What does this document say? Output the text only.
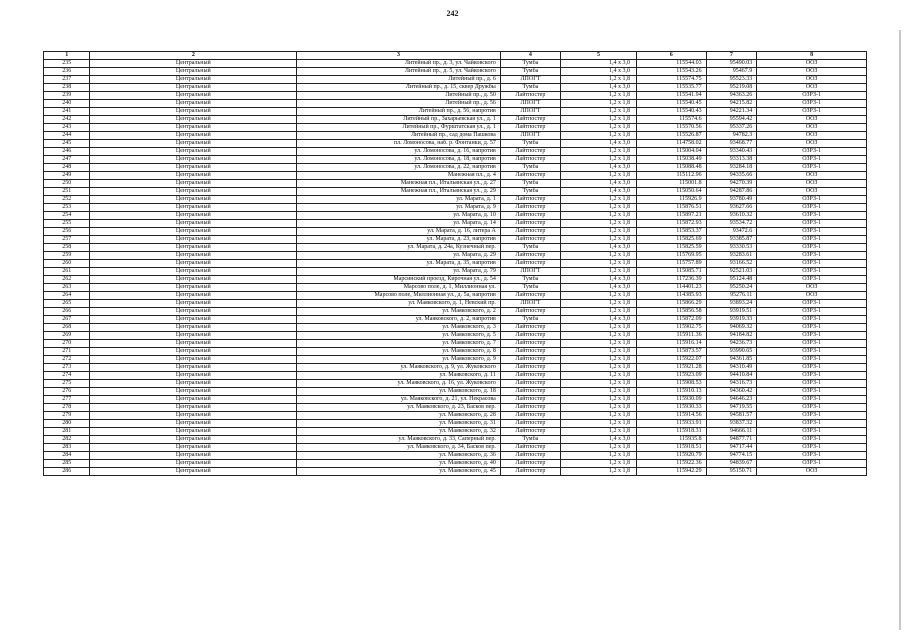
242
1	2	3	4	5	6	7	8
235	Центральный	Литейный пр., д. 3, ул. Чайковского	Тумба	1,4 x 3,0	115544.03	95490.03	ООЗ
236	Центральный	Литейный пр., д. 5, ул. Чайковского	Тумба	1,4 x 3,0	115543.26	95467.9	ООЗ
237	Центральный	Литейный пр., д. 6	ЛПОГТ	1,2 x 1,8	115574.75	95523.33	ООЗ
238	Центральный	Литейный пр., д. 15, сквер Дружбы	Тумба	1,4 x 3,0	115535.77	95219.08	ООЗ
239	Центральный	Литейный пр., д. 50	Лайтпостер	1,2 x 1,8	115541.94	94363.26	ОЗРЗ-1
240	Центральный	Литейный пр., д. 56	ЛПОГТ	1,2 x 1,8	115540.45	94215.82	ОЗРЗ-1
241	Центральный	Литейный пр., д. 56, напротив	ЛПОГТ	1,2 x 1,8	115540.43	94221.34	ОЗРЗ-1
242	Центральный	Литейный пр., Захарьевская ул., д. 1	Лайтпостер	1,2 x 1,8	115574.6	95594.42	ООЗ
243	Центральный	Литейный пр., Фурштатская ул., д. 1	Лайтпостер	1,2 x 1,8	115570.56	95337.26	ООЗ
244	Центральный	Литейный пр., сад дома Пашкова	ЛПОГТ	1,2 x 1,8	115526.87	94782.3	ООЗ
245	Центральный	пл. Ломоносова, наб. р. Фонтанки, д. 57	Тумба	1,4 x 3,0	114758.02	93468.77	ООЗ
246	Центральный	ул. Ломоносова, д. 16, напротив	Лайтпостер	1,2 x 1,8	115004.04	93340.43	ОЗРЗ-1
247	Центральный	ул. Ломоносова, д. 18, напротив	Лайтпостер	1,2 x 1,8	115038.49	93313.38	ОЗРЗ-1
248	Центральный	ул. Ломоносова, д. 22, напротив	Тумба	1,4 x 3,0	115088.48	93284.18	ОЗРЗ-1
249	Центральный	Манежная пл., д. 4	Лайтпостер	1,2 x 1,8	115112.96	94335.66	ООЗ
250	Центральный	Манежная пл., Итальянская ул., д. 27	Тумба	1,4 x 3,0	115001.8	94270.39	ООЗ
251	Центральный	Манежная пл., Итальянская ул., д. 29	Тумба	1,4 x 3,0	115050.64	94287.86	ООЗ
252	Центральный	ул. Марата, д. 1	Лайтпостер	1,2 x 1,8	115926.9	93780.49	ОЗРЗ-1
253	Центральный	ул. Марата, д. 9	Лайтпостер	1,2 x 1,8	115876.51	93627.66	ОЗРЗ-1
254	Центральный	ул. Марата, д. 10	Лайтпостер	1,2 x 1,8	115897.21	93610.32	ОЗРЗ-1
255	Центральный	ул. Марата, д. 14	Лайтпостер	1,2 x 1,8	115872.93	93534.72	ОЗРЗ-1
256	Центральный	ул. Марата, д. 16, литера А	Лайтпостер	1,2 x 1,8	115853.37	93472.6	ОЗРЗ-1
257	Центральный	ул. Марата, д. 23, напротив	Лайтпостер	1,2 x 1,8	115825.69	93385.87	ОЗРЗ-1
258	Центральный	ул. Марата, д. 24а, Кузнечный пер.	Тумба	1,4 x 3,0	115825.59	93330.53	ОЗРЗ-1
259	Центральный	ул. Марата, д. 29	Лайтпостер	1,2 x 1,8	115769.95	93283.61	ОЗРЗ-1
260	Центральный	ул. Марата, д. 35, напротив	Лайтпостер	1,2 x 1,8	115757.89	93166.52	ОЗРЗ-1
261	Центральный	ул. Марата, д. 79	ЛПОГТ	1,2 x 1,8	115085.71	92521.03	ОЗРЗ-1
262	Центральный	Марсинский проезд, Кирочная ул., д. 54	Тумба	1,4 x 3,0	117236.39	95124.48	ОЗРЗ-1
263	Центральный	Марсово поле, д. 1, Миллионная ул.	Тумба	1,4 x 3,0	114401.23	95250.24	ООЗ
264	Центральный	Марсово поле, Миллионная ул., д. 5а, напротив	Лайтпостер	1,2 x 1,8	114385.93	95276.11	ООЗ
265	Центральный	ул. Маяковского, д. 1, Невский пр.	ЛПОГТ	1,2 x 1,8	115866.29	93893.24	ОЗРЗ-1
266	Центральный	ул. Маяковского, д. 2	Лайтпостер	1,2 x 1,8	115856.58	93919.51	ОЗРЗ-1
267	Центральный	ул. Маяковского, д. 2, напротив	Тумба	1,4 x 3,0	115872.09	93919.33	ОЗРЗ-1
268	Центральный	ул. Маяковского, д. 3	Лайтпостер	1,2 x 1,8	115902.75	94069.32	ОЗРЗ-1
269	Центральный	ул. Маяковского, д. 5	Лайтпостер	1,2 x 1,8	115911.36	94184.82	ОЗРЗ-1
270	Центральный	ул. Маяковского, д. 7	Лайтпостер	1,2 x 1,8	115916.14	94236.73	ОЗРЗ-1
271	Центральный	ул. Маяковского, д. 8	Лайтпостер	1,2 x 1,8	115873.57	93990.65	ОЗРЗ-1
272	Центральный	ул. Маяковского, д. 9	Лайтпостер	1,2 x 1,8	115922.07	94361.85	ОЗРЗ-1
273	Центральный	ул. Маяковского, д. 9, ул. Жуковского	Лайтпостер	1,2 x 1,8	115921.28	94310.49	ОЗРЗ-1
274	Центральный	ул. Маяковского, д. 11	Лайтпостер	1,2 x 1,8	115923.09	94410.84	ОЗРЗ-1
275	Центральный	ул. Маяковского, д. 16, ул. Жуковского	Лайтпостер	1,2 x 1,8	115908.53	94316.73	ОЗРЗ-1
276	Центральный	ул. Маяковского, д. 18	Лайтпостер	1,2 x 1,8	115910.13	94360.42	ОЗРЗ-1
277	Центральный	ул. Маяковского, д. 21, ул. Некрасова	Лайтпостер	1,2 x 1,8	115930.09	94646.23	ОЗРЗ-1
278	Центральный	ул. Маяковского, д. 23, Басков пер.	Лайтпостер	1,2 x 1,8	115930.33	94719.55	ОЗРЗ-1
279	Центральный	ул. Маяковского, д. 28	Лайтпостер	1,2 x 1,8	115914.56	94581.57	ОЗРЗ-1
280	Центральный	ул. Маяковского, д. 31	Лайтпостер	1,2 x 1,8	115933.91	93837.32	ОЗРЗ-1
281	Центральный	ул. Маяковского, д. 32	Лайтпостер	1,2 x 1,8	115918.31	94666.11	ОЗРЗ-1
282	Центральный	ул. Маяковского, д. 33, Саперный пер.	Тумба	1,4 x 3,0	115935.8	94877.71	ОЗРЗ-1
283	Центральный	ул. Маяковского, д. 34, Басков пер.	Лайтпостер	1,2 x 1,8	115918.51	94717.44	ОЗРЗ-1
284	Центральный	ул. Маяковского, д. 36	Лайтпостер	1,2 x 1,8	115920.79	94774.15	ОЗРЗ-1
285	Центральный	ул. Маяковского, д. 40	Лайтпостер	1,2 x 1,8	115922.36	94839.67	ОЗРЗ-1
286	Центральный	ул. Маяковского, д. 45	Лайтпостер	1,2 x 1,8	115942.29	95150.71	ООЗ
